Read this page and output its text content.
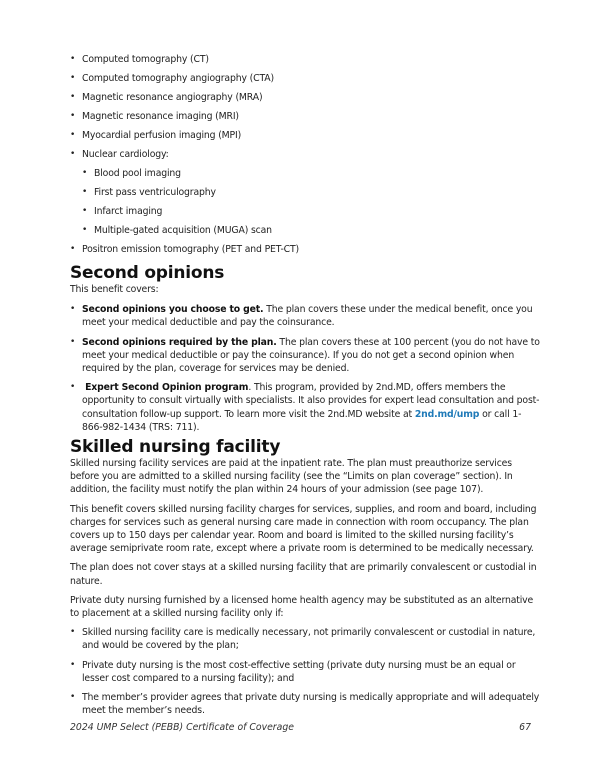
• Computed tomography (CT)
• Computed tomography angiography (CTA)
• Magnetic resonance angiography (MRA)
• Magnetic resonance imaging (MRI)
• Myocardial perfusion imaging (MPI)
• Nuclear cardiology:
• Blood pool imaging
• First pass ventriculography
• Infarct imaging
• Multiple-gated acquisition (MUGA) scan
• Positron emission tomography (PET and PET-CT)
Second opinions

This benefit covers:

• Second opinions you choose to get. The plan covers these under the medical benefit, once you meet your medical deductible and pay the coinsurance.
• Second opinions required by the plan. The plan covers these at 100 percent (you do not have to meet your medical deductible or pay the coinsurance). If you do not get a second opinion when required by the plan, coverage for services may be denied.
•  Expert Second Opinion program. This program, provided by 2nd.MD, offers members the opportunity to consult virtually with specialists. It also provides for expert lead consultation and post-consultation follow-up support. To learn more visit the 2nd.MD website at 2nd.md/ump or call 1-866-982-1434 (TRS: 711).
Skilled nursing facility

Skilled nursing facility services are paid at the inpatient rate. The plan must preauthorize services before you are admitted to a skilled nursing facility (see the “Limits on plan coverage” section). In addition, the facility must notify the plan within 24 hours of your admission (see page 107).

This benefit covers skilled nursing facility charges for services, supplies, and room and board, including charges for services such as general nursing care made in connection with room occupancy. The plan covers up to 150 days per calendar year. Room and board is limited to the skilled nursing facility’s average semiprivate room rate, except where a private room is determined to be medically necessary.

The plan does not cover stays at a skilled nursing facility that are primarily convalescent or custodial in nature.

Private duty nursing furnished by a licensed home health agency may be substituted as an alternative to placement at a skilled nursing facility only if:

• Skilled nursing facility care is medically necessary, not primarily convalescent or custodial in nature, and would be covered by the plan;
• Private duty nursing is the most cost-effective setting (private duty nursing must be an equal or lesser cost compared to a nursing facility); and
• The member’s provider agrees that private duty nursing is medically appropriate and will adequately meet the member’s needs.
2024 UMP Select (PEBB) Certificate of Coverage	67
